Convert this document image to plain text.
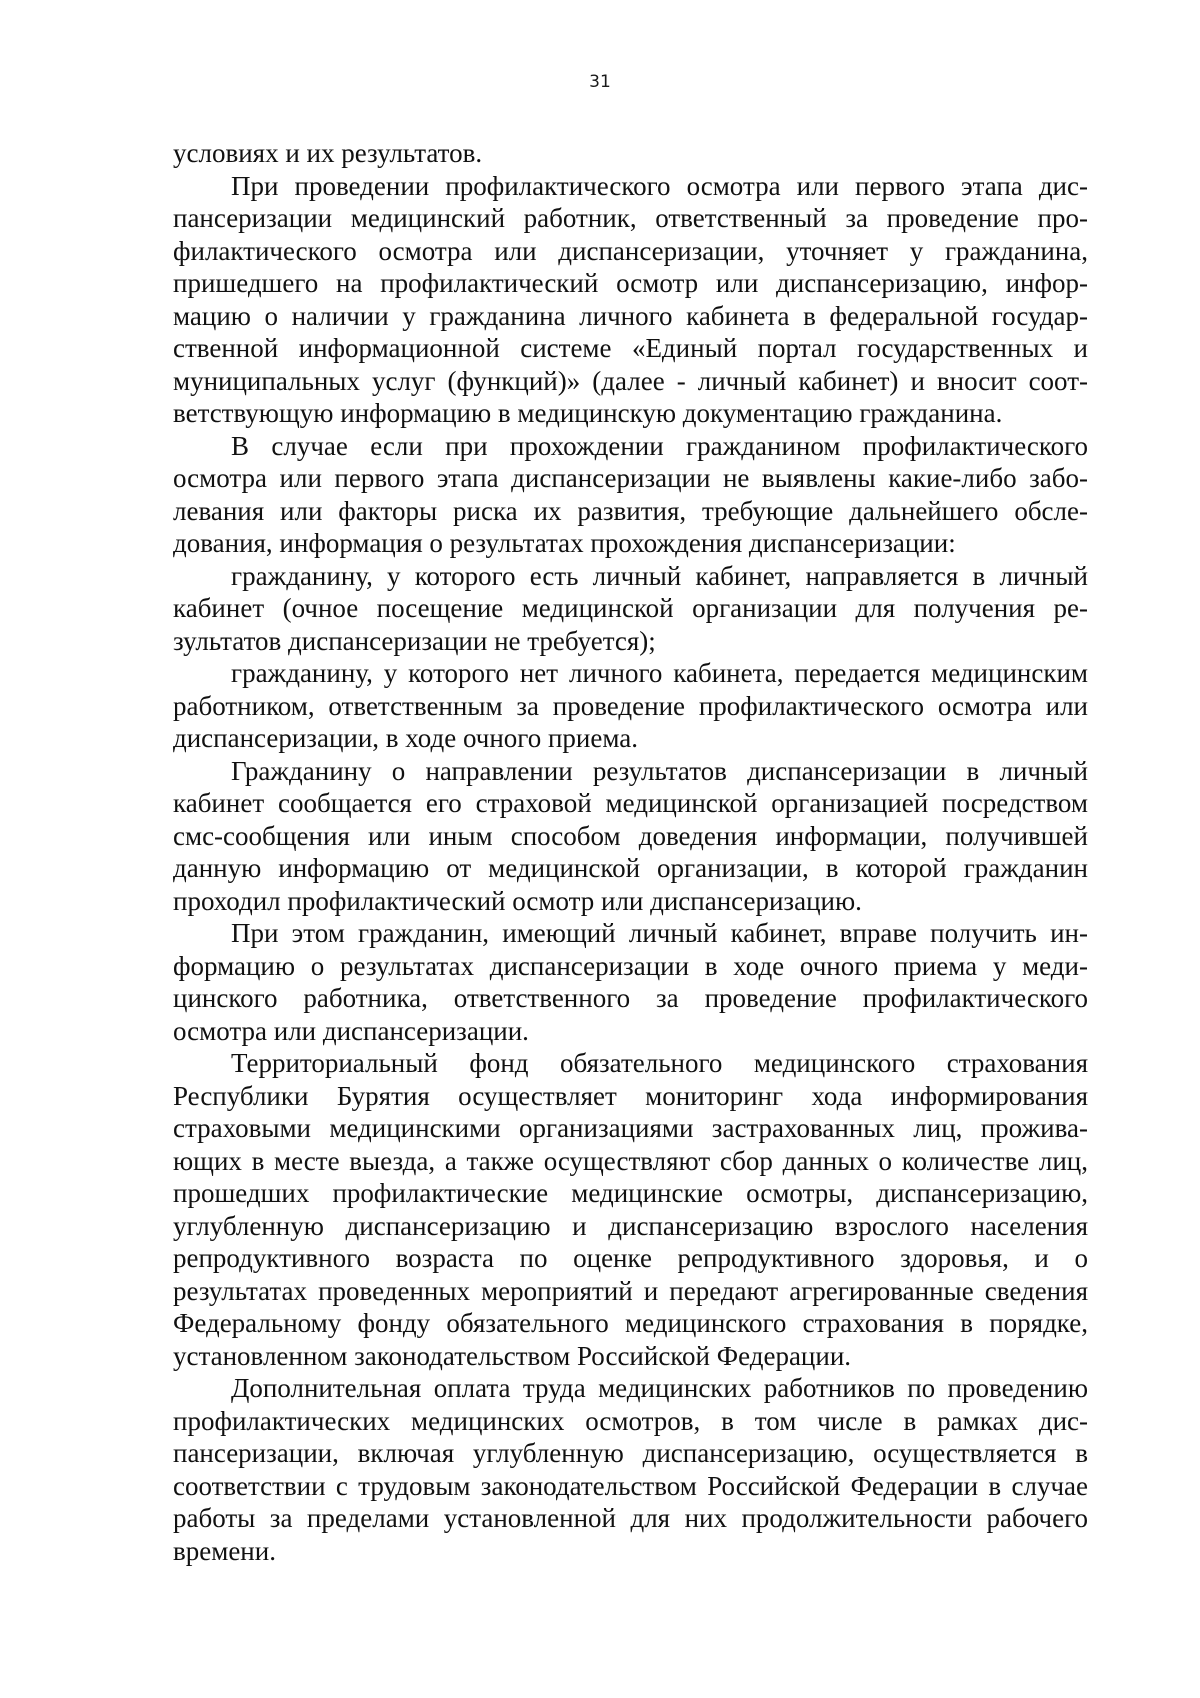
31

условиях и их результатов.

При проведении профилактического осмотра или первого этапа диспансеризации медицинский работник, ответственный за проведение профилактического осмотра или диспансеризации, уточняет у гражданина, пришедшего на профилактический осмотр или диспансеризацию, информацию о наличии у гражданина личного кабинета в федеральной государственной информационной системе «Единый портал государственных и муниципальных услуг (функций)» (далее - личный кабинет) и вносит соответствующую информацию в медицинскую документацию гражданина.

В случае если при прохождении гражданином профилактического осмотра или первого этапа диспансеризации не выявлены какие-либо заболевания или факторы риска их развития, требующие дальнейшего обследования, информация о результатах прохождения диспансеризации:

гражданину, у которого есть личный кабинет, направляется в личный кабинет (очное посещение медицинской организации для получения результатов диспансеризации не требуется);

гражданину, у которого нет личного кабинета, передается медицинским работником, ответственным за проведение профилактического осмотра или диспансеризации, в ходе очного приема.

Гражданину о направлении результатов диспансеризации в личный кабинет сообщается его страховой медицинской организацией посредством смс-сообщения или иным способом доведения информации, получившей данную информацию от медицинской организации, в которой гражданин проходил профилактический осмотр или диспансеризацию.

При этом гражданин, имеющий личный кабинет, вправе получить информацию о результатах диспансеризации в ходе очного приема у медицинского работника, ответственного за проведение профилактического осмотра или диспансеризации.

Территориальный фонд обязательного медицинского страхования Республики Бурятия осуществляет мониторинг хода информирования страховыми медицинскими организациями застрахованных лиц, проживающих в месте выезда, а также осуществляют сбор данных о количестве лиц, прошедших профилактические медицинские осмотры, диспансеризацию, углубленную диспансеризацию и диспансеризацию взрослого населения репродуктивного возраста по оценке репродуктивного здоровья, и о результатах проведенных мероприятий и передают агрегированные сведения Федеральному фонду обязательного медицинского страхования в порядке, установленном законодательством Российской Федерации.

Дополнительная оплата труда медицинских работников по проведению профилактических медицинских осмотров, в том числе в рамках диспансеризации, включая углубленную диспансеризацию, осуществляется в соответствии с трудовым законодательством Российской Федерации в случае работы за пределами установленной для них продолжительности рабочего времени.
